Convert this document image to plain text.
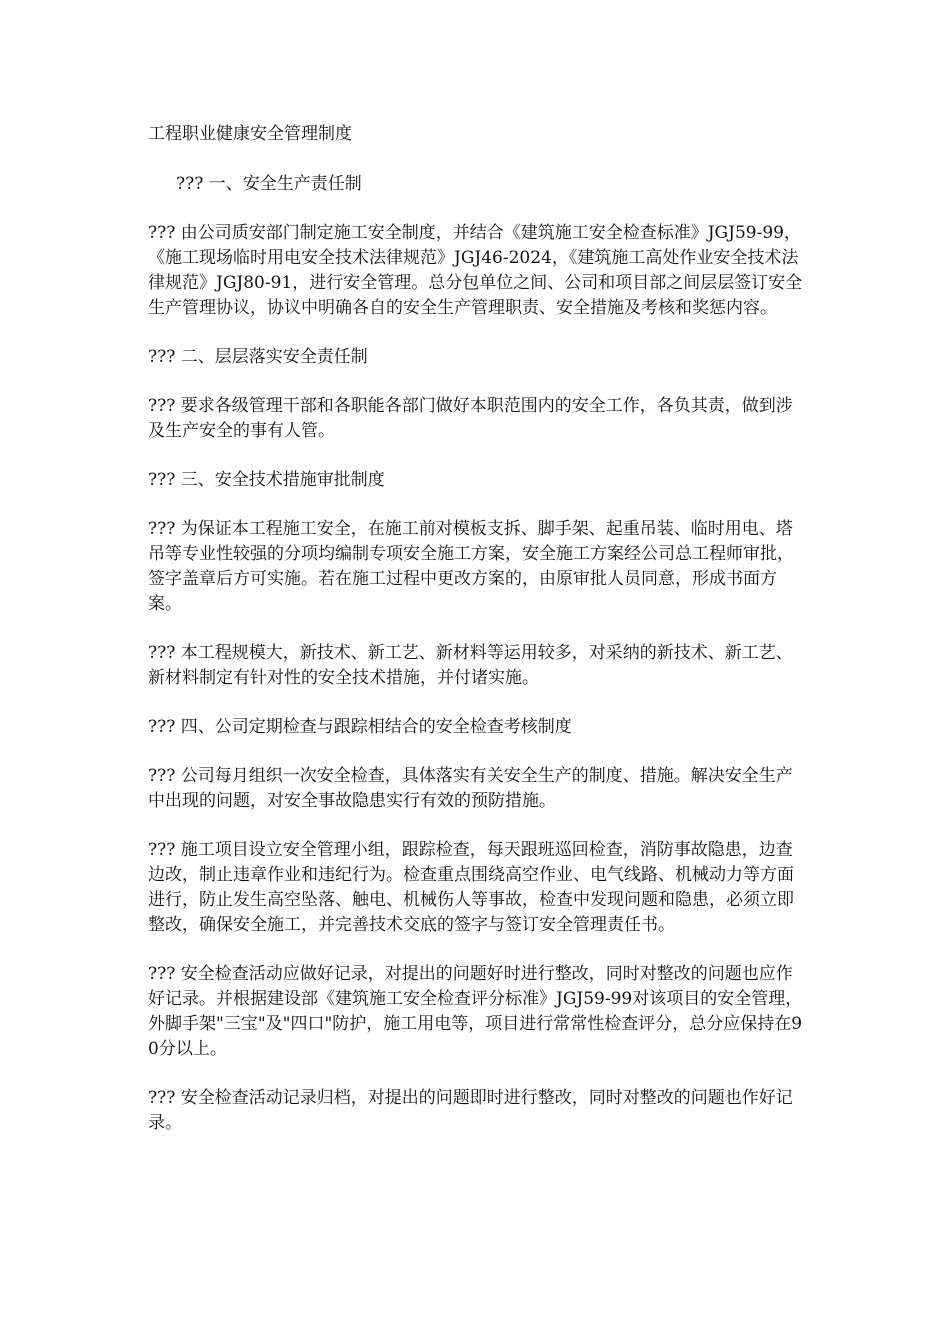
工程职业健康安全管理制度

??? 一、安全生产责任制

??? 由公司质安部门制定施工安全制度，并结合《建筑施工安全检查标准》JGJ59-99，《施工现场临时用电安全技术法律规范》JGJ46-2024，《建筑施工高处作业安全技术法律规范》JGJ80-91，进行安全管理。总分包单位之间、公司和项目部之间层层签订安全生产管理协议，协议中明确各自的安全生产管理职责、安全措施及考核和奖惩内容。

??? 二、层层落实安全责任制

??? 要求各级管理干部和各职能各部门做好本职范围内的安全工作，各负其责，做到涉及生产安全的事有人管。

??? 三、安全技术措施审批制度

??? 为保证本工程施工安全，在施工前对模板支拆、脚手架、起重吊装、临时用电、塔吊等专业性较强的分项均编制专项安全施工方案，安全施工方案经公司总工程师审批，签字盖章后方可实施。若在施工过程中更改方案的，由原审批人员同意，形成书面方案。

??? 本工程规模大，新技术、新工艺、新材料等运用较多，对采纳的新技术、新工艺、新材料制定有针对性的安全技术措施，并付诸实施。

??? 四、公司定期检查与跟踪相结合的安全检查考核制度

??? 公司每月组织一次安全检查，具体落实有关安全生产的制度、措施。解决安全生产中出现的问题，对安全事故隐患实行有效的预防措施。

??? 施工项目设立安全管理小组，跟踪检查，每天跟班巡回检查，消防事故隐患，边查边改，制止违章作业和违纪行为。检查重点围绕高空作业、电气线路、机械动力等方面进行，防止发生高空坠落、触电、机械伤人等事故，检查中发现问题和隐患，必须立即整改，确保安全施工，并完善技术交底的签字与签订安全管理责任书。

??? 安全检查活动应做好记录，对提出的问题好时进行整改，同时对整改的问题也应作好记录。并根据建设部《建筑施工安全检查评分标准》JGJ59-99对该项目的安全管理，外脚手架"三宝"及"四口"防护，施工用电等，项目进行常常性检查评分，总分应保持在90分以上。

??? 安全检查活动记录归档，对提出的问题即时进行整改，同时对整改的问题也作好记录。
